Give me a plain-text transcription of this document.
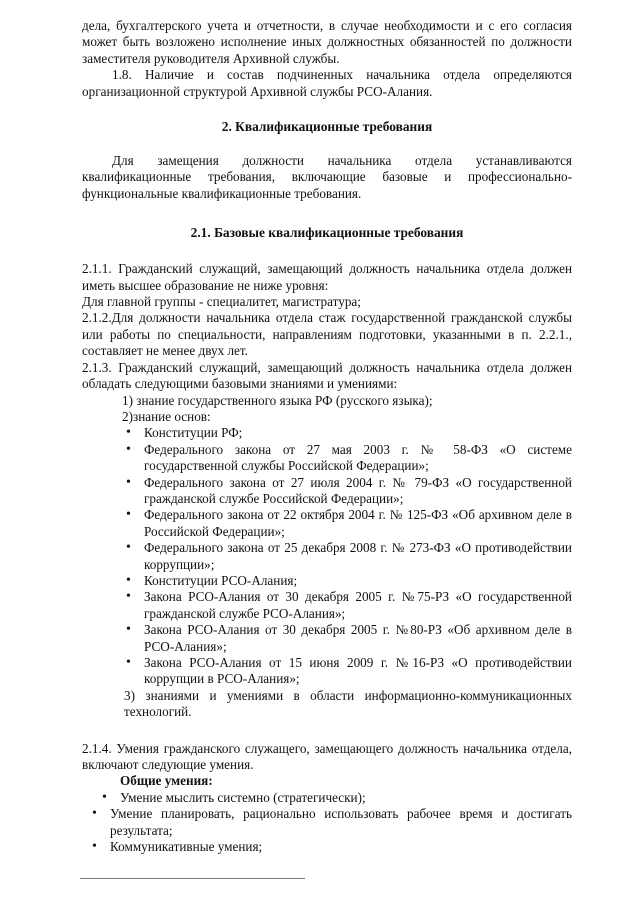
дела, бухгалтерского учета и отчетности, в случае необходимости и с его согласия может быть возложено исполнение иных должностных обязанностей по должности заместителя руководителя Архивной службы.

1.8. Наличие и состав подчиненных начальника отдела определяются организационной структурой Архивной службы РСО-Алания.

2. Квалификационные требования

Для замещения должности начальника отдела устанавливаются квалификационные требования, включающие базовые и профессионально-функциональные квалификационные требования.

2.1. Базовые квалификационные требования

2.1.1. Гражданский служащий, замещающий должность начальника отдела должен иметь высшее образование не ниже уровня:

Для главной группы - специалитет, магистратура;

2.1.2.Для должности начальника отдела стаж государственной гражданской службы или работы по специальности, направлениям подготовки, указанными в п. 2.2.1., составляет не менее двух лет.

2.1.3. Гражданский служащий, замещающий должность начальника отдела должен обладать следующими базовыми знаниями и умениями:

1) знание государственного языка РФ (русского языка);

2)знание основ:

• Конституции РФ;
• Федерального закона от 27 мая 2003 г. № 58-ФЗ «О системе государственной службы Российской Федерации»;
• Федерального закона от 27 июля 2004 г. № 79-ФЗ «О государственной гражданской службе Российской Федерации»;
• Федерального закона от 22 октября 2004 г. № 125-ФЗ «Об архивном деле в Российской Федерации»;
• Федерального закона от 25 декабря 2008 г. № 273-ФЗ «О противодействии коррупции»;
• Конституции РСО-Алания;
• Закона РСО-Алания от 30 декабря 2005 г. №75-РЗ «О государственной гражданской службе РСО-Алания»;
• Закона РСО-Алания от 30 декабря 2005 г. №80-РЗ «Об архивном деле в РСО-Алания»;
• Закона РСО-Алания от 15 июня 2009 г. №16-РЗ «О противодействии коррупции в РСО-Алания»;

3) знаниями и умениями в области информационно-коммуникационных технологий.

2.1.4. Умения гражданского служащего, замещающего должность начальника отдела, включают следующие умения.

Общие умения:

• Умение мыслить системно (стратегически);
• Умение планировать, рационально использовать рабочее время и достигать результата;
• Коммуникативные умения;
